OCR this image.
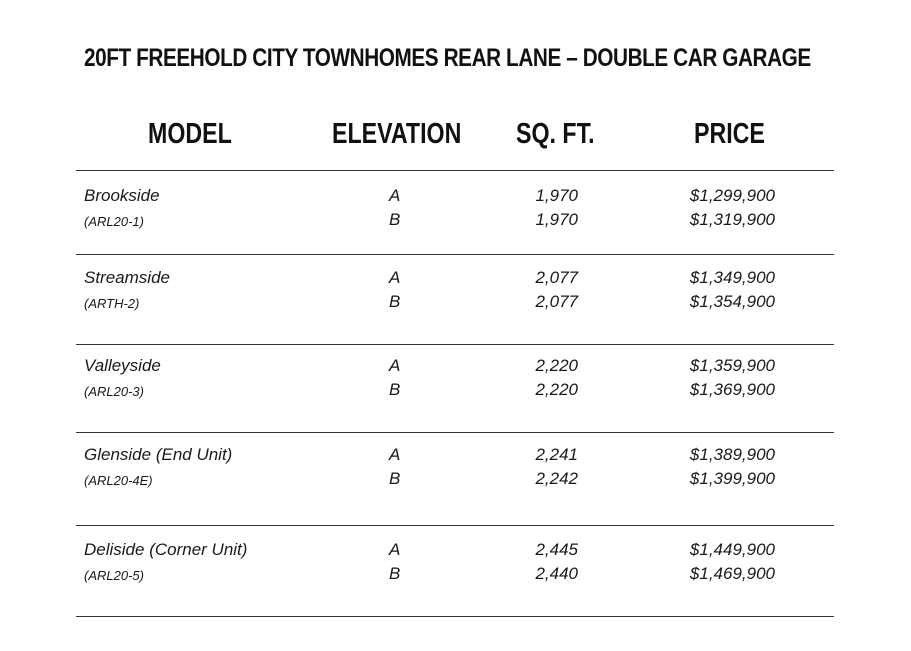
20FT FREEHOLD CITY TOWNHOMES REAR LANE – DOUBLE CAR GARAGE
MODEL	ELEVATION SQ. FT.	PRICE
Brookside
(ARL20-1)
A
B
1,970
1,970
$1,299,900
$1,319,900
Streamside
(ARTH-2)
A
B
2,077
2,077
$1,349,900
$1,354,900
Valleyside
(ARL20-3)
A
B
2,220
2,220
$1,359,900
$1,369,900
Glenside (End Unit)
(ARL20-4E)
A
B
2,241
2,242
$1,389,900
$1,399,900
Deliside (Corner Unit)
(ARL20-5)
A
B
2,445
2,440
$1,449,900
$1,469,900
